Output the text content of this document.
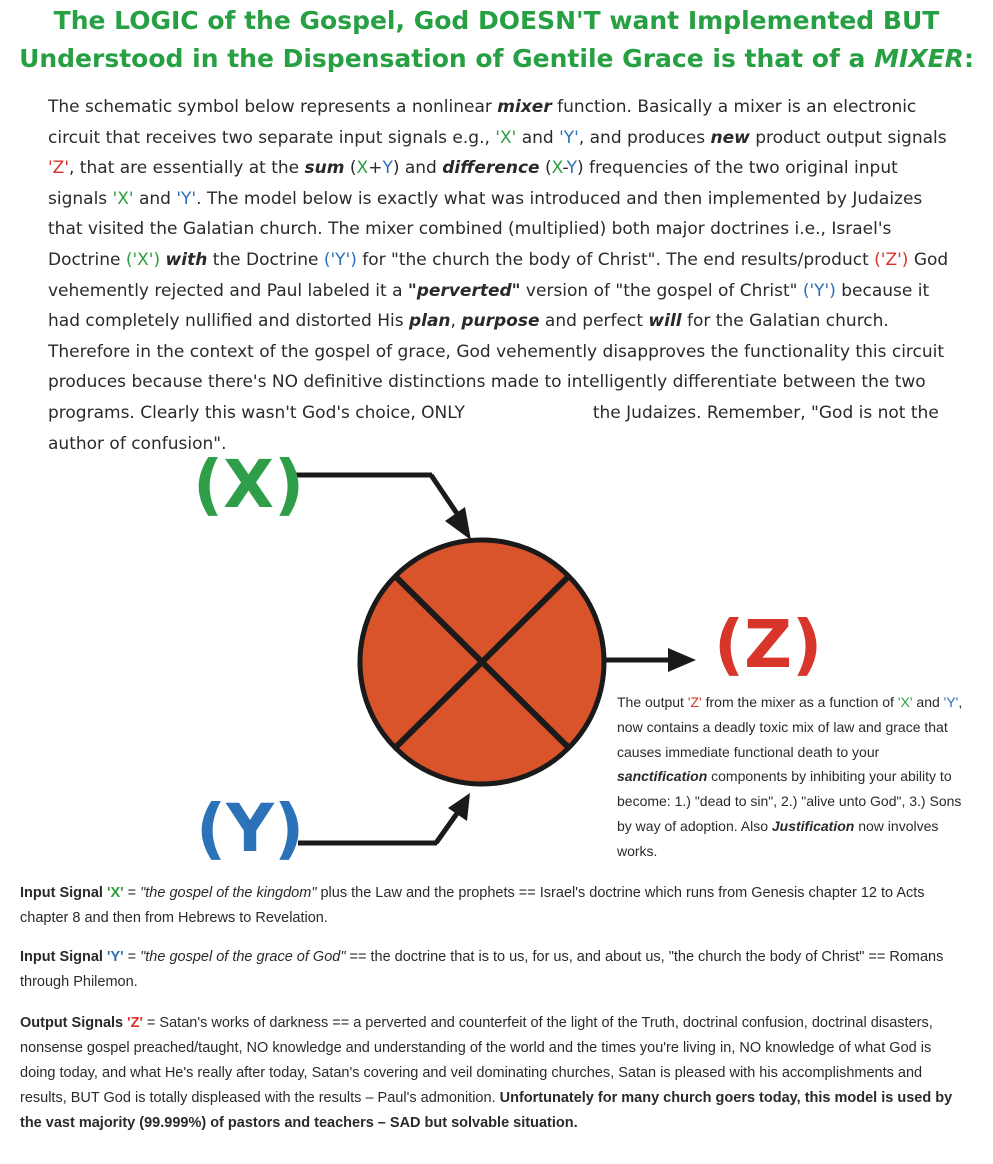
The LOGIC of the Gospel, God DOESN'T want Implemented BUT
Understood in the Dispensation of Gentile Grace is that of a MIXER:

The schematic symbol below represents a nonlinear mixer function. Basically a mixer is an electronic circuit that receives two separate input signals e.g., 'X' and 'Y', and produces new product output signals 'Z', that are essentially at the sum (X+Y) and difference (X-Y) frequencies of the two original input signals 'X' and 'Y'. The model below is exactly what was introduced and then implemented by Judaizes that visited the Galatian church. The mixer combined (multiplied) both major doctrines i.e., Israel's Doctrine ('X') with the Doctrine ('Y') for "the church the body of Christ". The end results/product ('Z') God vehemently rejected and Paul labeled it a "perverted" version of "the gospel of Christ" ('Y') because it had completely nullified and distorted His plan, purpose and perfect will for the Galatian church. Therefore in the context of the gospel of grace, God vehemently disapproves the functionality this circuit produces because there's NO definitive distinctions made to intelligently differentiate between the two programs. Clearly this wasn't God's choice, ONLY	the Judaizes. Remember, "God is not the author of confusion".

(X)
(Y)
(Z)

The output 'Z' from the mixer as a function of 'X' and 'Y', now contains a deadly toxic mix of law and grace that causes immediate functional death to your sanctification components by inhibiting your ability to become: 1.) "dead to sin", 2.) "alive unto God", 3.) Sons by way of adoption. Also Justification now involves works.

Input Signal 'X' = "the gospel of the kingdom" plus the Law and the prophets == Israel's doctrine which runs from Genesis chapter 12 to Acts chapter 8 and then from Hebrews to Revelation.

Input Signal 'Y' = "the gospel of the grace of God" == the doctrine that is to us, for us, and about us, "the church the body of Christ" == Romans through Philemon.

Output Signals 'Z' = Satan's works of darkness == a perverted and counterfeit of the light of the Truth, doctrinal confusion, doctrinal disasters, nonsense gospel preached/taught, NO knowledge and understanding of the world and the times you're living in, NO knowledge of what God is doing today, and what He's really after today, Satan's covering and veil dominating churches, Satan is pleased with his accomplishments and results, BUT God is totally displeased with the results – Paul's admonition. Unfortunately for many church goers today, this model is used by the vast majority (99.999%) of pastors and teachers – SAD but solvable situation.
